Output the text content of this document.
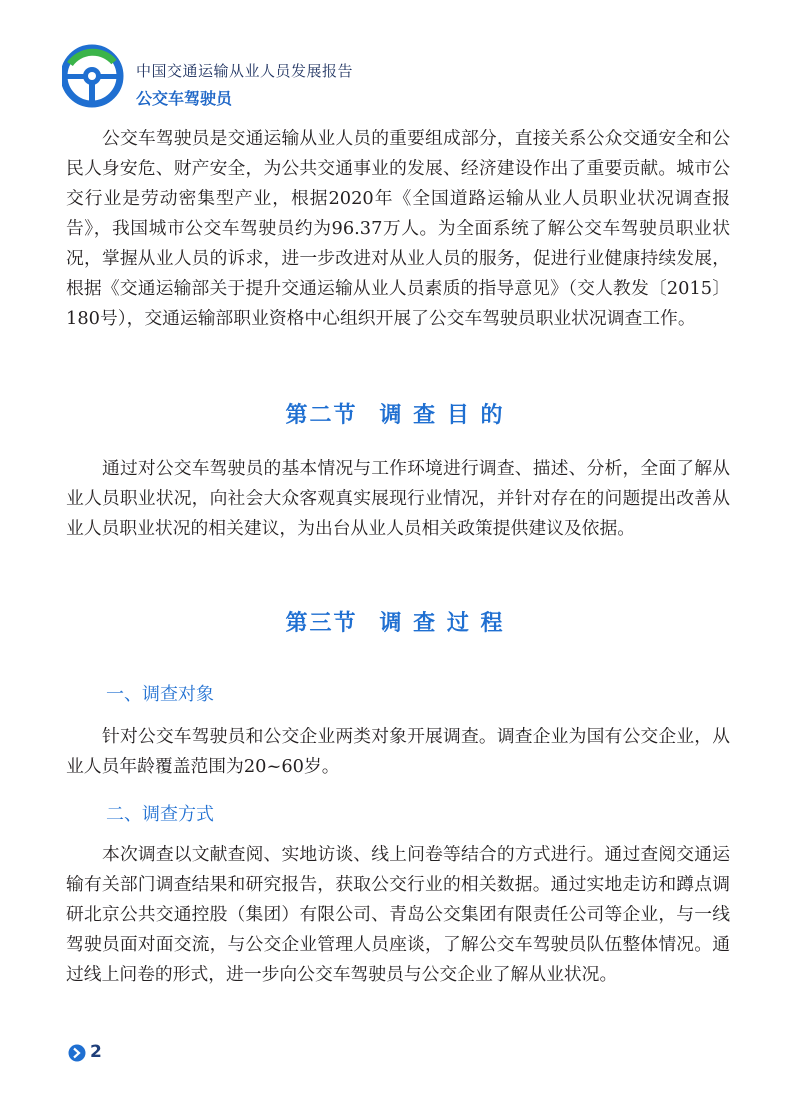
中国交通运输从业人员发展报告
公交车驾驶员

公交车驾驶员是交通运输从业人员的重要组成部分，直接关系公众交通安全和公民人身安危、财产安全，为公共交通事业的发展、经济建设作出了重要贡献。城市公交行业是劳动密集型产业，根据2020年《全国道路运输从业人员职业状况调查报告》，我国城市公交车驾驶员约为96.37万人。为全面系统了解公交车驾驶员职业状况，掌握从业人员的诉求，进一步改进对从业人员的服务，促进行业健康持续发展，根据《交通运输部关于提升交通运输从业人员素质的指导意见》（交人教发〔2015〕180号），交通运输部职业资格中心组织开展了公交车驾驶员职业状况调查工作。

第二节 调 查 目 的

通过对公交车驾驶员的基本情况与工作环境进行调查、描述、分析，全面了解从业人员职业状况，向社会大众客观真实展现行业情况，并针对存在的问题提出改善从业人员职业状况的相关建议，为出台从业人员相关政策提供建议及依据。

第三节 调 查 过 程
一、调查对象

针对公交车驾驶员和公交企业两类对象开展调查。调查企业为国有公交企业，从业人员年龄覆盖范围为20~60岁。

二、调查方式

本次调查以文献查阅、实地访谈、线上问卷等结合的方式进行。通过查阅交通运输有关部门调查结果和研究报告，获取公交行业的相关数据。通过实地走访和蹲点调研北京公共交通控股（集团）有限公司、青岛公交集团有限责任公司等企业，与一线驾驶员面对面交流，与公交企业管理人员座谈，了解公交车驾驶员队伍整体情况。通过线上问卷的形式，进一步向公交车驾驶员与公交企业了解从业状况。

2
